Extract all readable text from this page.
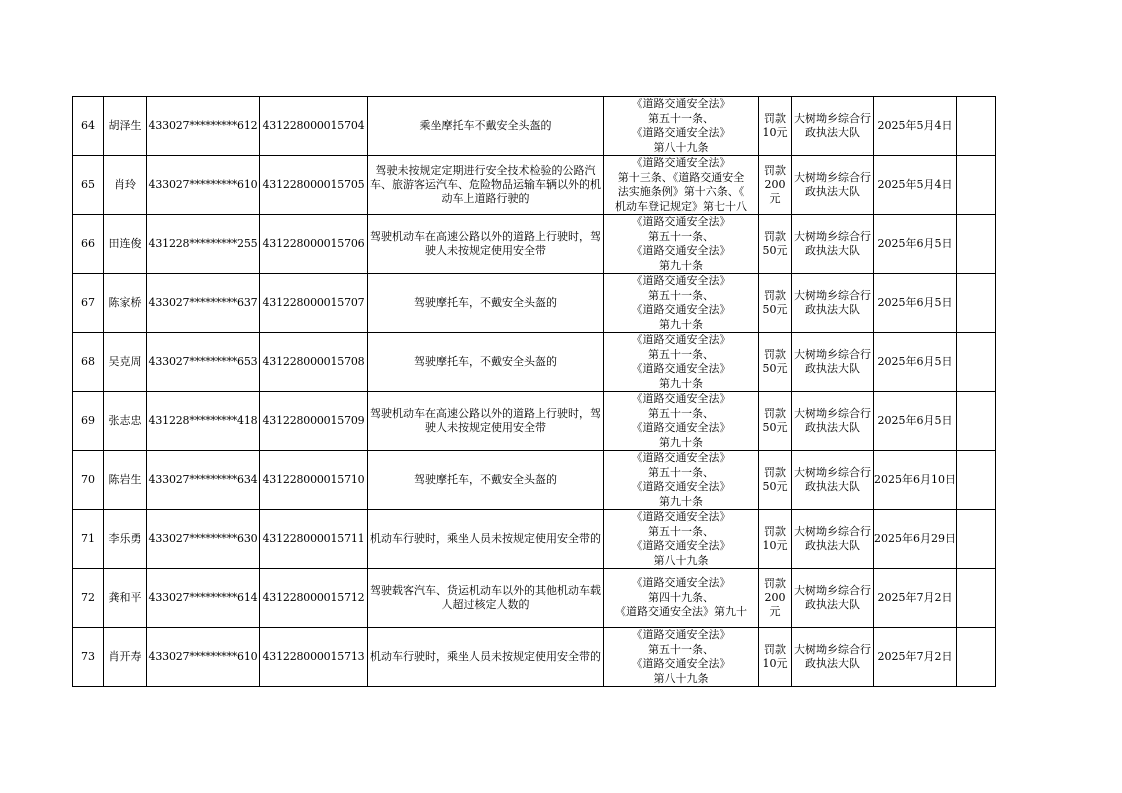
64	胡泽生	433027*********612	431228000015704	乘坐摩托车不戴安全头盔的	《道路交通安全法》
第五十一条、
《道路交通安全法》
第八十九条	罚款10元	大树坳乡综合行政执法大队	2025年5月4日	
65	肖玲	433027*********610	431228000015705	驾驶未按规定定期进行安全技术检验的公路汽车、旅游客运汽车、危险物品运输车辆以外的机动车上道路行驶的	《道路交通安全法》
第十三条、《道路交通安全
法实施条例》第十六条、《
机动车登记规定》第七十八	罚款200元	大树坳乡综合行政执法大队	2025年5月4日	
66	田连俊	431228*********255	431228000015706	驾驶机动车在高速公路以外的道路上行驶时，驾驶人未按规定使用安全带	《道路交通安全法》
第五十一条、
《道路交通安全法》
第九十条	罚款50元	大树坳乡综合行政执法大队	2025年6月5日	
67	陈家桥	433027*********637	431228000015707	驾驶摩托车，不戴安全头盔的	《道路交通安全法》
第五十一条、
《道路交通安全法》
第九十条	罚款50元	大树坳乡综合行政执法大队	2025年6月5日	
68	吴克周	433027*********653	431228000015708	驾驶摩托车，不戴安全头盔的	《道路交通安全法》
第五十一条、
《道路交通安全法》
第九十条	罚款50元	大树坳乡综合行政执法大队	2025年6月5日	
69	张志忠	431228*********418	431228000015709	驾驶机动车在高速公路以外的道路上行驶时，驾驶人未按规定使用安全带	《道路交通安全法》
第五十一条、
《道路交通安全法》
第九十条	罚款50元	大树坳乡综合行政执法大队	2025年6月5日	
70	陈岩生	433027*********634	431228000015710	驾驶摩托车，不戴安全头盔的	《道路交通安全法》
第五十一条、
《道路交通安全法》
第九十条	罚款50元	大树坳乡综合行政执法大队	2025年6月10日	
71	李乐勇	433027*********630	431228000015711	机动车行驶时，乘坐人员未按规定使用安全带的	《道路交通安全法》
第五十一条、
《道路交通安全法》
第八十九条	罚款10元	大树坳乡综合行政执法大队	2025年6月29日	
72	龚和平	433027*********614	431228000015712	驾驶载客汽车、货运机动车以外的其他机动车载人超过核定人数的	《道路交通安全法》
第四十九条、
《道路交通安全法》第九十	罚款200元	大树坳乡综合行政执法大队	2025年7月2日	
73	肖开寿	433027*********610	431228000015713	机动车行驶时，乘坐人员未按规定使用安全带的	《道路交通安全法》
第五十一条、
《道路交通安全法》
第八十九条	罚款10元	大树坳乡综合行政执法大队	2025年7月2日	
